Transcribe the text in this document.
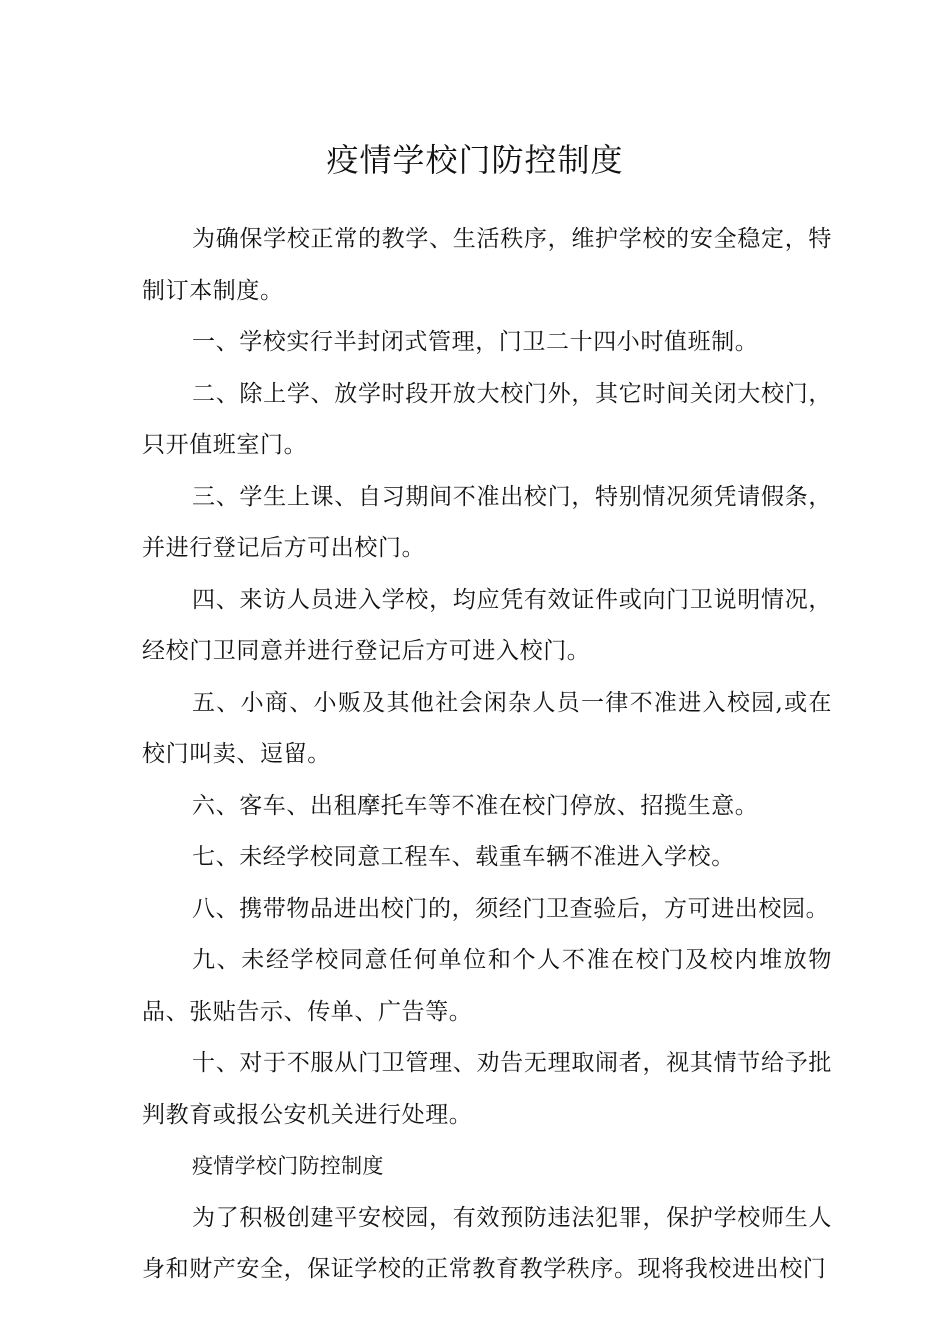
疫情学校门防控制度

为确保学校正常的教学、生活秩序，维护学校的安全稳定，特制订本制度。

一、学校实行半封闭式管理，门卫二十四小时值班制。

二、除上学、放学时段开放大校门外，其它时间关闭大校门，只开值班室门。

三、学生上课、自习期间不准出校门，特别情况须凭请假条，并进行登记后方可出校门。

四、来访人员进入学校，均应凭有效证件或向门卫说明情况，经校门卫同意并进行登记后方可进入校门。

五、小商、小贩及其他社会闲杂人员一律不准进入校园,或在校门叫卖、逗留。

六、客车、出租摩托车等不准在校门停放、招揽生意。

七、未经学校同意工程车、载重车辆不准进入学校。

八、携带物品进出校门的，须经门卫查验后，方可进出校园。

九、未经学校同意任何单位和个人不准在校门及校内堆放物品、张贴告示、传单、广告等。

十、对于不服从门卫管理、劝告无理取闹者，视其情节给予批判教育或报公安机关进行处理。

疫情学校门防控制度

为了积极创建平安校园，有效预防违法犯罪，保护学校师生人身和财产安全，保证学校的正常教育教学秩序。现将我校进出校门
